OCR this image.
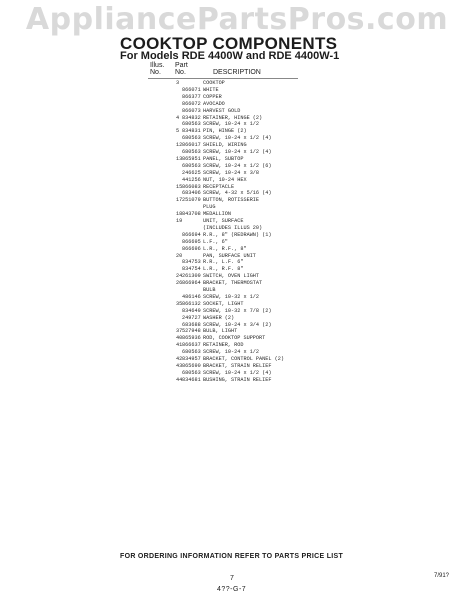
AppliancePartsPros.com
COOKTOP COMPONENTS
For Models RDE 4400W and RDE 4400W-1
Illus.
No.
Part
No.	DESCRIPTION
3	COOKTOP
866071 WHITE
866377 COPPER
866072 AVOCADO
866073 HARVEST GOLD
4 834832 RETAINER, HINGE (2)
680563 SCREW, 10-24 x 1/2
5 834831 PIN, HINGE (2)
680563 SCREW, 10-24 x 1/2 (4)
12 866017 SHIELD, WIRING
680563 SCREW, 10-24 x 1/2 (4)
13 865951 PANEL, SUBTOP
680563 SCREW, 10-24 x 1/2 (6)
246625 SCREW, 10-24 x 3/8
441256 NUT, 10-24 HEX
15 866083 RECEPTACLE
683406 SCREW, 4-32 x 5/16 (4)
17 251079 BUTTON, ROTISSERIE
PLUG
18 843708 MEDALLION
19	UNIT, SURFACE
(INCLUDES ILLUS 20)
866694 R.R., 8" (REDRAWN) (1)
866695 L.F., 6"
866696 L.R., R.F., 8"
20	PAN, SURFACE UNIT
834753 R.R., L.F. 6"
834754 L.R., R.F. 8"
24 261309 SWITCH, OVEN LIGHT
26 866964 BRACKET, THERMOSTAT
BULB
486146 SCREW, 10-32 x 1/2
35 866132 SOCKET, LIGHT
834649 SCREW, 10-32 x 7/8 (2)
249727 WASHER (2)
683688 SCREW, 10-24 x 3/4 (2)
37 527948 BULB, LIGHT
40 865936 ROD, COOKTOP SUPPORT
41 866637 RETAINER, ROD
680563 SCREW, 10-24 x 1/2
42 834957 BRACKET, CONTROL PANEL (2)
43 865690 BRACKET, STRAIN RELIEF
680563 SCREW, 10-24 x 1/2 (4)
44 834681 BUSHING, STRAIN RELIEF
FOR ORDERING INFORMATION REFER TO PARTS PRICE LIST
7	7/91?
4??-G-7
